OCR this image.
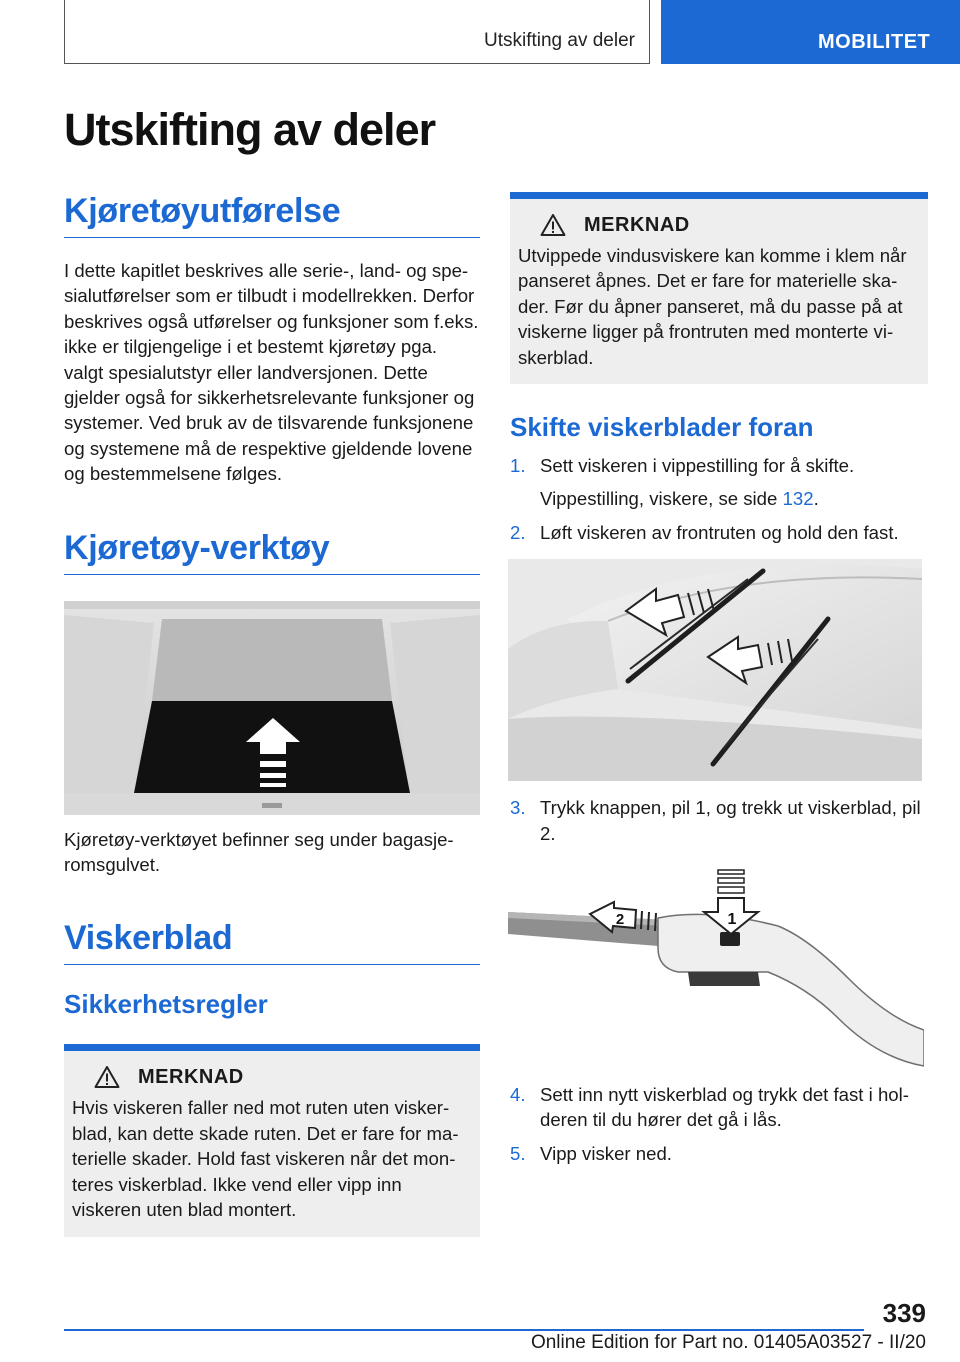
Utskifting av deler	MOBILITET
Utskifting av deler
Kjøretøyutførelse

I dette kapitlet beskrives alle serie-, land- og spesialutførelser som er tilbudt i modellrekken. Derfor beskrives også utførelser og funksjoner som f.eks. ikke er tilgjengelige i et bestemt kjøretøy pga. valgt spesialutstyr eller landversjonen. Dette gjelder også for sikkerhetsrelevante funksjoner og systemer. Ved bruk av de tilsvarende funksjonene og systemene må de respektive gjeldende lovene og bestemmelsene følges.

Kjøretøy-verktøy

Kjøretøy-verktøyet befinner seg under bagasjeromsgulvet.

Viskerblad
Sikkerhetsregler
MERKNAD

Hvis viskeren faller ned mot ruten uten viskerblad, kan dette skade ruten. Det er fare for materielle skader. Hold fast viskeren når det monteres viskerblad. Ikke vend eller vipp inn viskeren uten blad montert.

MERKNAD

Utvippede vindusviskere kan komme i klem når panseret åpnes. Det er fare for materielle skader. Før du åpner panseret, må du passe på at viskerne ligger på frontruten med monterte viskerblad.

Skifte viskerblader foran
1. Sett viskeren i vippestilling for å skifte.
Vippestilling, viskere, se side 132.
2. Løft viskeren av frontruten og hold den fast.
3. Trykk knappen, pil 1, og trekk ut viskerblad, pil 2.
1
2
4. Sett inn nytt viskerblad og trykk det fast i holderen til du hører det gå i lås.
5. Vipp visker ned.
339
Online Edition for Part no. 01405A03527 - II/20
